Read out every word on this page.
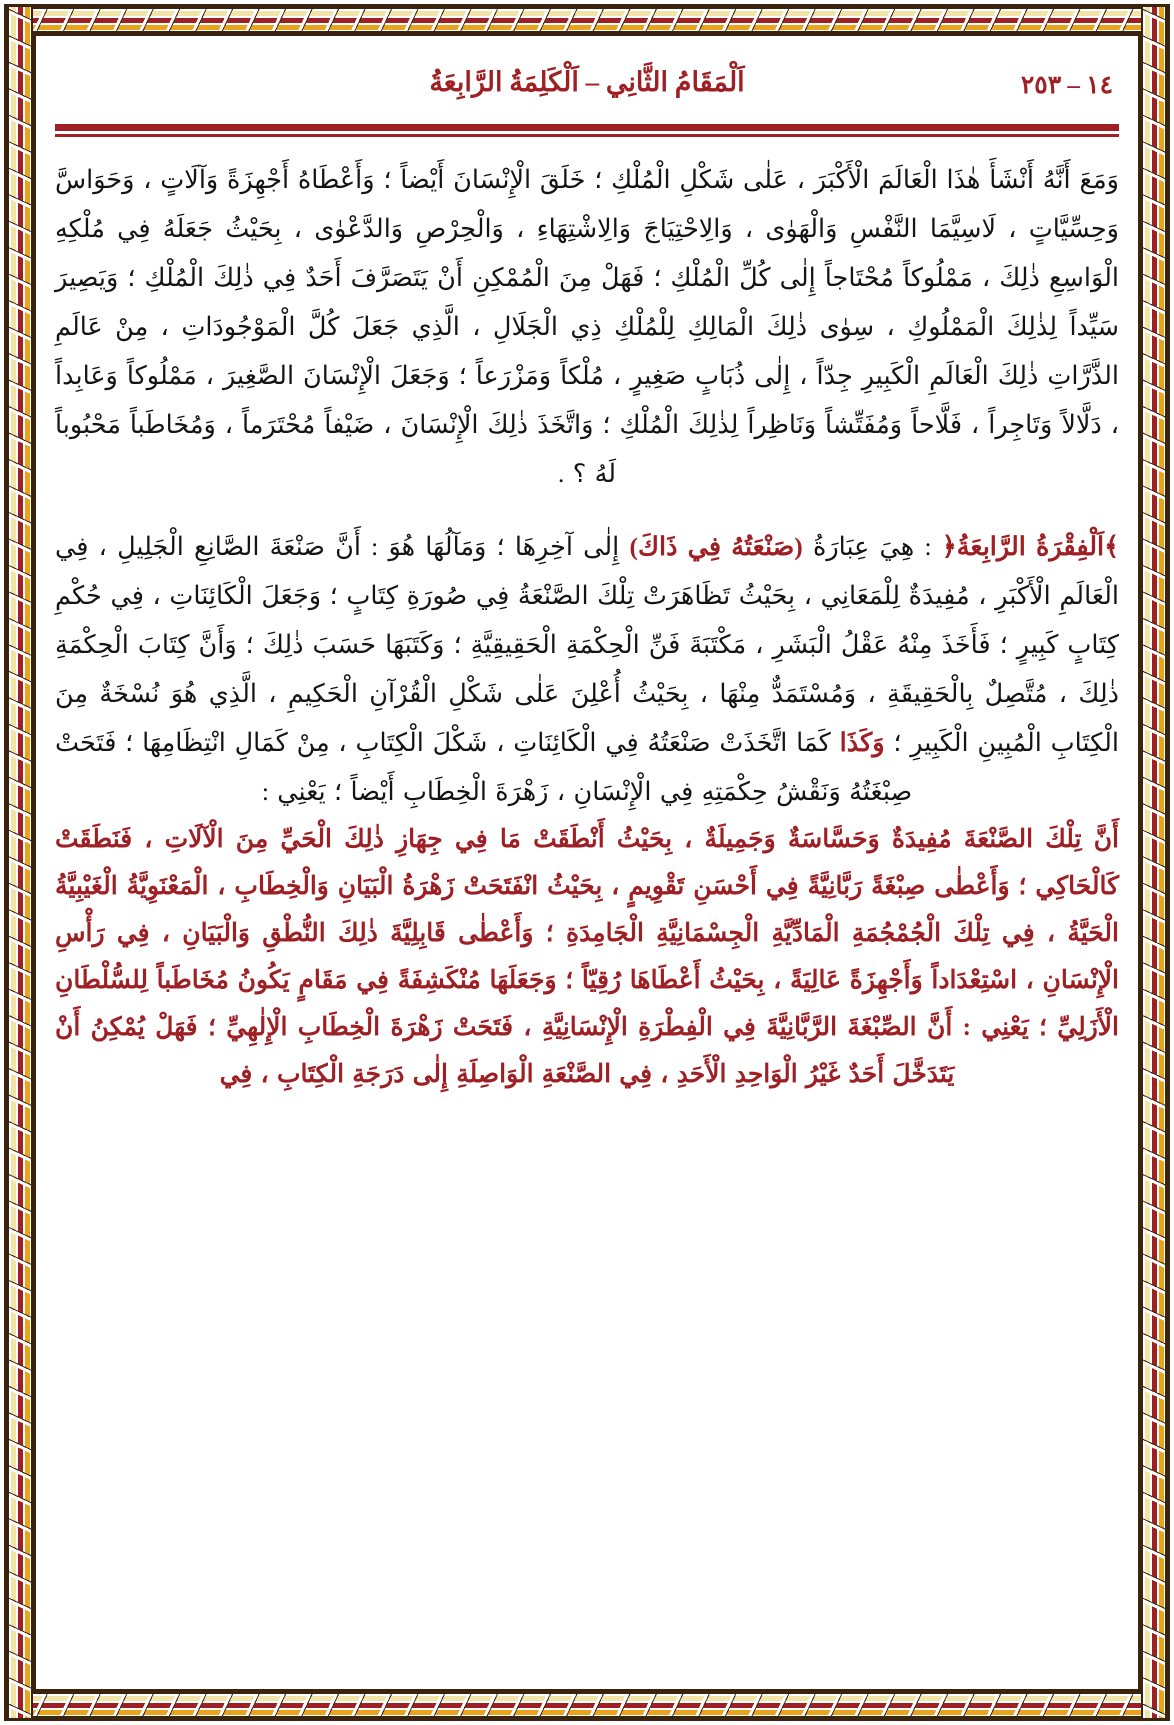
اَلْمَقَامُ الثَّانِي – اَلْكَلِمَةُ الرَّابِعَةُ	١٤ – ٢٥٣

وَمَعَ أَنَّهُ أَنْشَأَ هٰذَا الْعَالَمَ الْأَكْبَرَ ، عَلٰى شَكْلِ الْمُلْكِ ؛ خَلَقَ الْإِنْسَانَ أَيْضاً ؛ وَأَعْطَاهُ أَجْهِزَةً وَآلَاتٍ ، وَحَوَاسَّ وَحِسِّيَّاتٍ ، لَاسِيَّمَا النَّفْسِ وَالْهَوٰى ، وَالِاحْتِيَاجَ وَالِاشْتِهَاءِ ، وَالْحِرْصِ وَالدَّعْوٰى ، بِحَيْثُ جَعَلَهُ فِي مُلْكِهِ الْوَاسِعِ ذٰلِكَ ، مَمْلُوكاً مُحْتَاجاً إِلٰى كُلِّ الْمُلْكِ ؛ فَهَلْ مِنَ الْمُمْكِنِ أَنْ يَتَصَرَّفَ أَحَدٌ فِي ذٰلِكَ الْمُلْكِ ؛ وَيَصِيرَ سَيِّداً لِذٰلِكَ الْمَمْلُوكِ ، سِوٰى ذٰلِكَ الْمَالِكِ لِلْمُلْكِ ذِي الْجَلَالِ ، الَّذِي جَعَلَ كُلَّ الْمَوْجُودَاتِ ، مِنْ عَالَمِ الذَّرَّاتِ ذٰلِكَ الْعَالَمِ الْكَبِيرِ جِدّاً ، إِلٰى ذُبَابٍ صَغِيرٍ ، مُلْكاً وَمَزْرَعاً ؛ وَجَعَلَ الْإِنْسَانَ الصَّغِيرَ ، مَمْلُوكاً وَعَابِداً ، دَلَّالاً وَتَاجِراً ، فَلَّاحاً وَمُفَتِّشاً وَنَاظِراً لِذٰلِكَ الْمُلْكِ ؛ وَاتَّخَذَ ذٰلِكَ الْإِنْسَانَ ، ضَيْفاً مُحْتَرَماً ، وَمُخَاطَباً مَحْبُوباً لَهُ ؟ .

﴾اَلْفِقْرَةُ الرَّابِعَةُ﴿ : هِيَ عِبَارَةُ (صَنْعَتُهُ فِي ذَاكَ) إِلٰى آخِرِهَا ؛ وَمَآلُهَا هُوَ : أَنَّ صَنْعَةَ الصَّانِعِ الْجَلِيلِ ، فِي الْعَالَمِ الْأَكْبَرِ ، مُفِيدَةٌ لِلْمَعَانِي ، بِحَيْثُ تَظَاهَرَتْ تِلْكَ الصَّنْعَةُ فِي صُورَةِ كِتَابٍ ؛ وَجَعَلَ الْكَائِنَاتِ ، فِي حُكْمِ كِتَابٍ كَبِيرٍ ؛ فَأَخَذَ مِنْهُ عَقْلُ الْبَشَرِ ، مَكْتَبَةَ فَنِّ الْحِكْمَةِ الْحَقِيقِيَّةِ ؛ وَكَتَبَهَا حَسَبَ ذٰلِكَ ؛ وَأَنَّ كِتَابَ الْحِكْمَةِ ذٰلِكَ ، مُتَّصِلٌ بِالْحَقِيقَةِ ، وَمُسْتَمَدٌّ مِنْهَا ، بِحَيْثُ أُعْلِنَ عَلٰى شَكْلِ الْقُرْآنِ الْحَكِيمِ ، الَّذِي هُوَ نُسْخَةٌ مِنَ الْكِتَابِ الْمُبِينِ الْكَبِيرِ ؛ وَكَذَا كَمَا اتَّخَذَتْ صَنْعَتُهُ فِي الْكَائِنَاتِ ، شَكْلَ الْكِتَابِ ، مِنْ كَمَالِ انْتِظَامِهَا ؛ فَتَحَتْ صِبْغَتُهُ وَنَقْشُ حِكْمَتِهِ فِي الْإِنْسَانِ ، زَهْرَةَ الْخِطَابِ أَيْضاً ؛ يَعْنِي :

أَنَّ تِلْكَ الصَّنْعَةَ مُفِيدَةٌ وَحَسَّاسَةٌ وَجَمِيلَةٌ ، بِحَيْثُ أَنْطَقَتْ مَا فِي جِهَازِ ذٰلِكَ الْحَيِّ مِنَ الْآلَاتِ ، فَنَطَقَتْ كَالْحَاكِي ؛ وَأَعْطٰى صِبْغَةً رَبَّانِيَّةً فِي أَحْسَنِ تَقْوِيمٍ ، بِحَيْثُ انْفَتَحَتْ زَهْرَةُ الْبَيَانِ وَالْخِطَابِ ، الْمَعْنَوِيَّةُ الْغَيْبِيَّةُ الْحَيَّةُ ، فِي تِلْكَ الْجُمْجُمَةِ الْمَادِّيَّةِ الْجِسْمَانِيَّةِ الْجَامِدَةِ ؛ وَأَعْطٰى قَابِلِيَّةَ ذٰلِكَ النُّطْقِ وَالْبَيَانِ ، فِي رَأْسِ الْإِنْسَانِ ، اسْتِعْدَاداً وَأَجْهِزَةً عَالِيَةً ، بِحَيْثُ أَعْطَاهَا رُقِيّاً ؛ وَجَعَلَهَا مُنْكَشِفَةً فِي مَقَامٍ يَكُونُ مُخَاطَباً لِلسُّلْطَانِ الْأَزَلِيِّ ؛ يَعْنِي : أَنَّ الصِّبْغَةَ الرَّبَّانِيَّةَ فِي الْفِطْرَةِ الْإِنْسَانِيَّةِ ، فَتَحَتْ زَهْرَةَ الْخِطَابِ الْإِلٰهِيِّ ؛ فَهَلْ يُمْكِنُ أَنْ يَتَدَخَّلَ أَحَدٌ غَيْرُ الْوَاحِدِ الْأَحَدِ ، فِي الصَّنْعَةِ الْوَاصِلَةِ إِلٰى دَرَجَةِ الْكِتَابِ ، فِي
